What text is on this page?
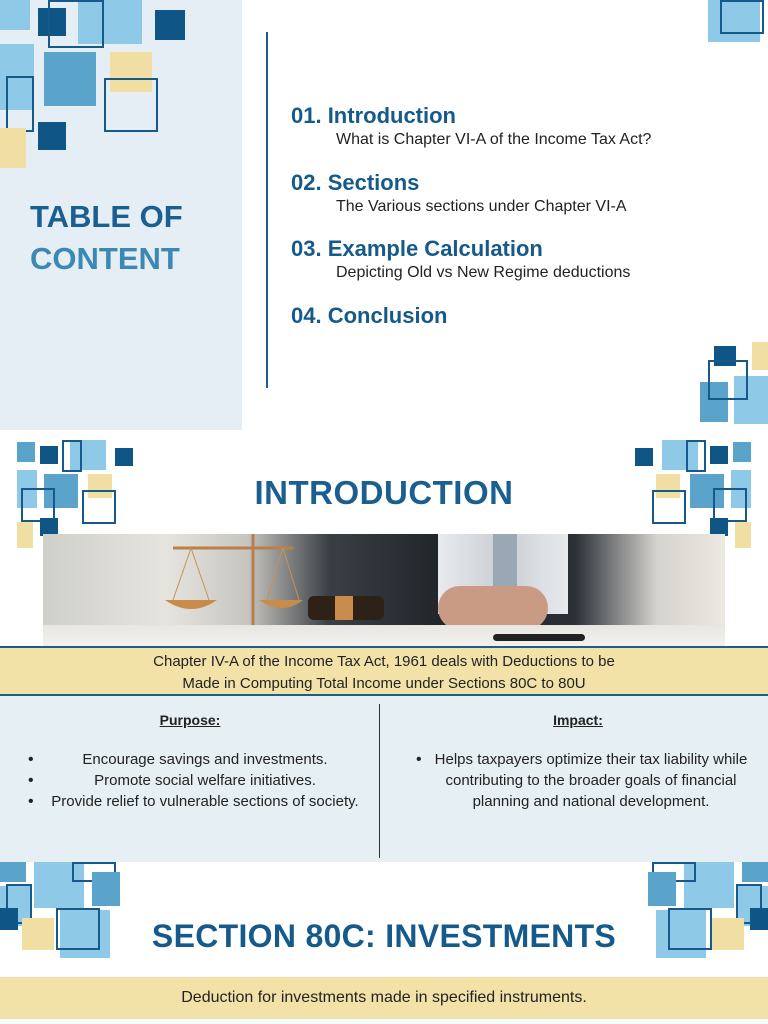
TABLE OF
CONTENT
01. Introduction
What is Chapter VI-A of the Income Tax Act?
02. Sections
The Various sections under Chapter VI-A
03. Example Calculation
Depicting Old vs New Regime deductions
04. Conclusion
INTRODUCTION
Chapter IV-A of the Income Tax Act, 1961 deals with Deductions to be
Made in Computing Total Income under Sections 80C to 80U
Purpose:
• Encourage savings and investments.
• Promote social welfare initiatives.
• Provide relief to vulnerable sections of society.
Impact:
• Helps taxpayers optimize their tax liability while contributing to the broader goals of financial planning and national development.
SECTION 80C: INVESTMENTS
Deduction for investments made in specified instruments.
